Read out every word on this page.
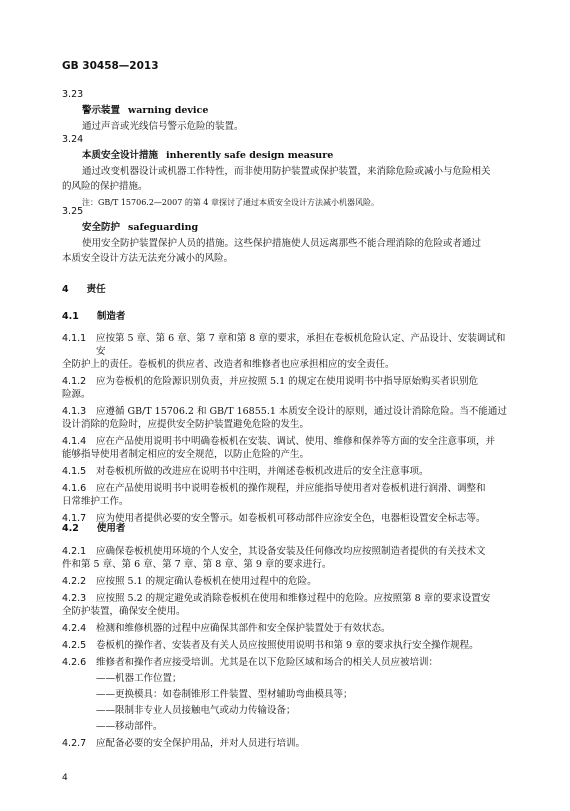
GB 30458—2013
3.23
警示装置 warning device
通过声音或光线信号警示危险的装置。
3.24
本质安全设计措施 inherently safe design measure
通过改变机器设计或机器工作特性，而非使用防护装置或保护装置，来消除危险或减小与危险相关
的风险的保护措施。
注：GB/T 15706.2—2007 的第 4 章探讨了通过本质安全设计方法减小机器风险。
3.25
安全防护 safeguarding
使用安全防护装置保护人员的措施。这些保护措施使人员远离那些不能合理消除的危险或者通过
本质安全设计方法无法充分减小的风险。
4 责任
4.1 制造者
4.1.1	应按第 5 章、第 6 章、第 7 章和第 8 章的要求，承担在卷板机危险认定、产品设计、安装调试和安
全防护上的责任。卷板机的供应者、改造者和维修者也应承担相应的安全责任。
4.1.2	应为卷板机的危险源识别负责，并应按照 5.1 的规定在使用说明书中指导原始购买者识别危
险源。
4.1.3	应遵循 GB/T 15706.2 和 GB/T 16855.1 本质安全设计的原则，通过设计消除危险。当不能通过
设计消除的危险时，应提供安全防护装置避免危险的发生。
4.1.4	应在产品使用说明书中明确卷板机在安装、调试、使用、维修和保养等方面的安全注意事项，并
能够指导使用者制定相应的安全规范，以防止危险的产生。
4.1.5	对卷板机所做的改进应在说明书中注明，并阐述卷板机改进后的安全注意事项。
4.1.6	应在产品使用说明书中说明卷板机的操作规程，并应能指导使用者对卷板机进行润滑、调整和
日常维护工作。
4.1.7	应为使用者提供必要的安全警示。如卷板机可移动部件应涂安全色，电器柜设置安全标志等。
4.2 使用者
4.2.1	应确保卷板机使用环境的个人安全，其设备安装及任何修改均应按照制造者提供的有关技术文
件和第 5 章、第 6 章、第 7 章、第 8 章、第 9 章的要求进行。
4.2.2	应按照 5.1 的规定确认卷板机在使用过程中的危险。
4.2.3	应按照 5.2 的规定避免或消除卷板机在使用和维修过程中的危险。应按照第 8 章的要求设置安
全防护装置，确保安全使用。
4.2.4	检测和维修机器的过程中应确保其部件和安全保护装置处于有效状态。
4.2.5	卷板机的操作者、安装者及有关人员应按照使用说明书和第 9 章的要求执行安全操作规程。
4.2.6	维修者和操作者应接受培训。尤其是在以下危险区域和场合的相关人员应被培训：
——机器工作位置；
——更换模具：如卷制锥形工件装置、型材辅助弯曲模具等；
——限制非专业人员接触电气或动力传输设备；
——移动部件。
4.2.7	应配备必要的安全保护用品，并对人员进行培训。
4
